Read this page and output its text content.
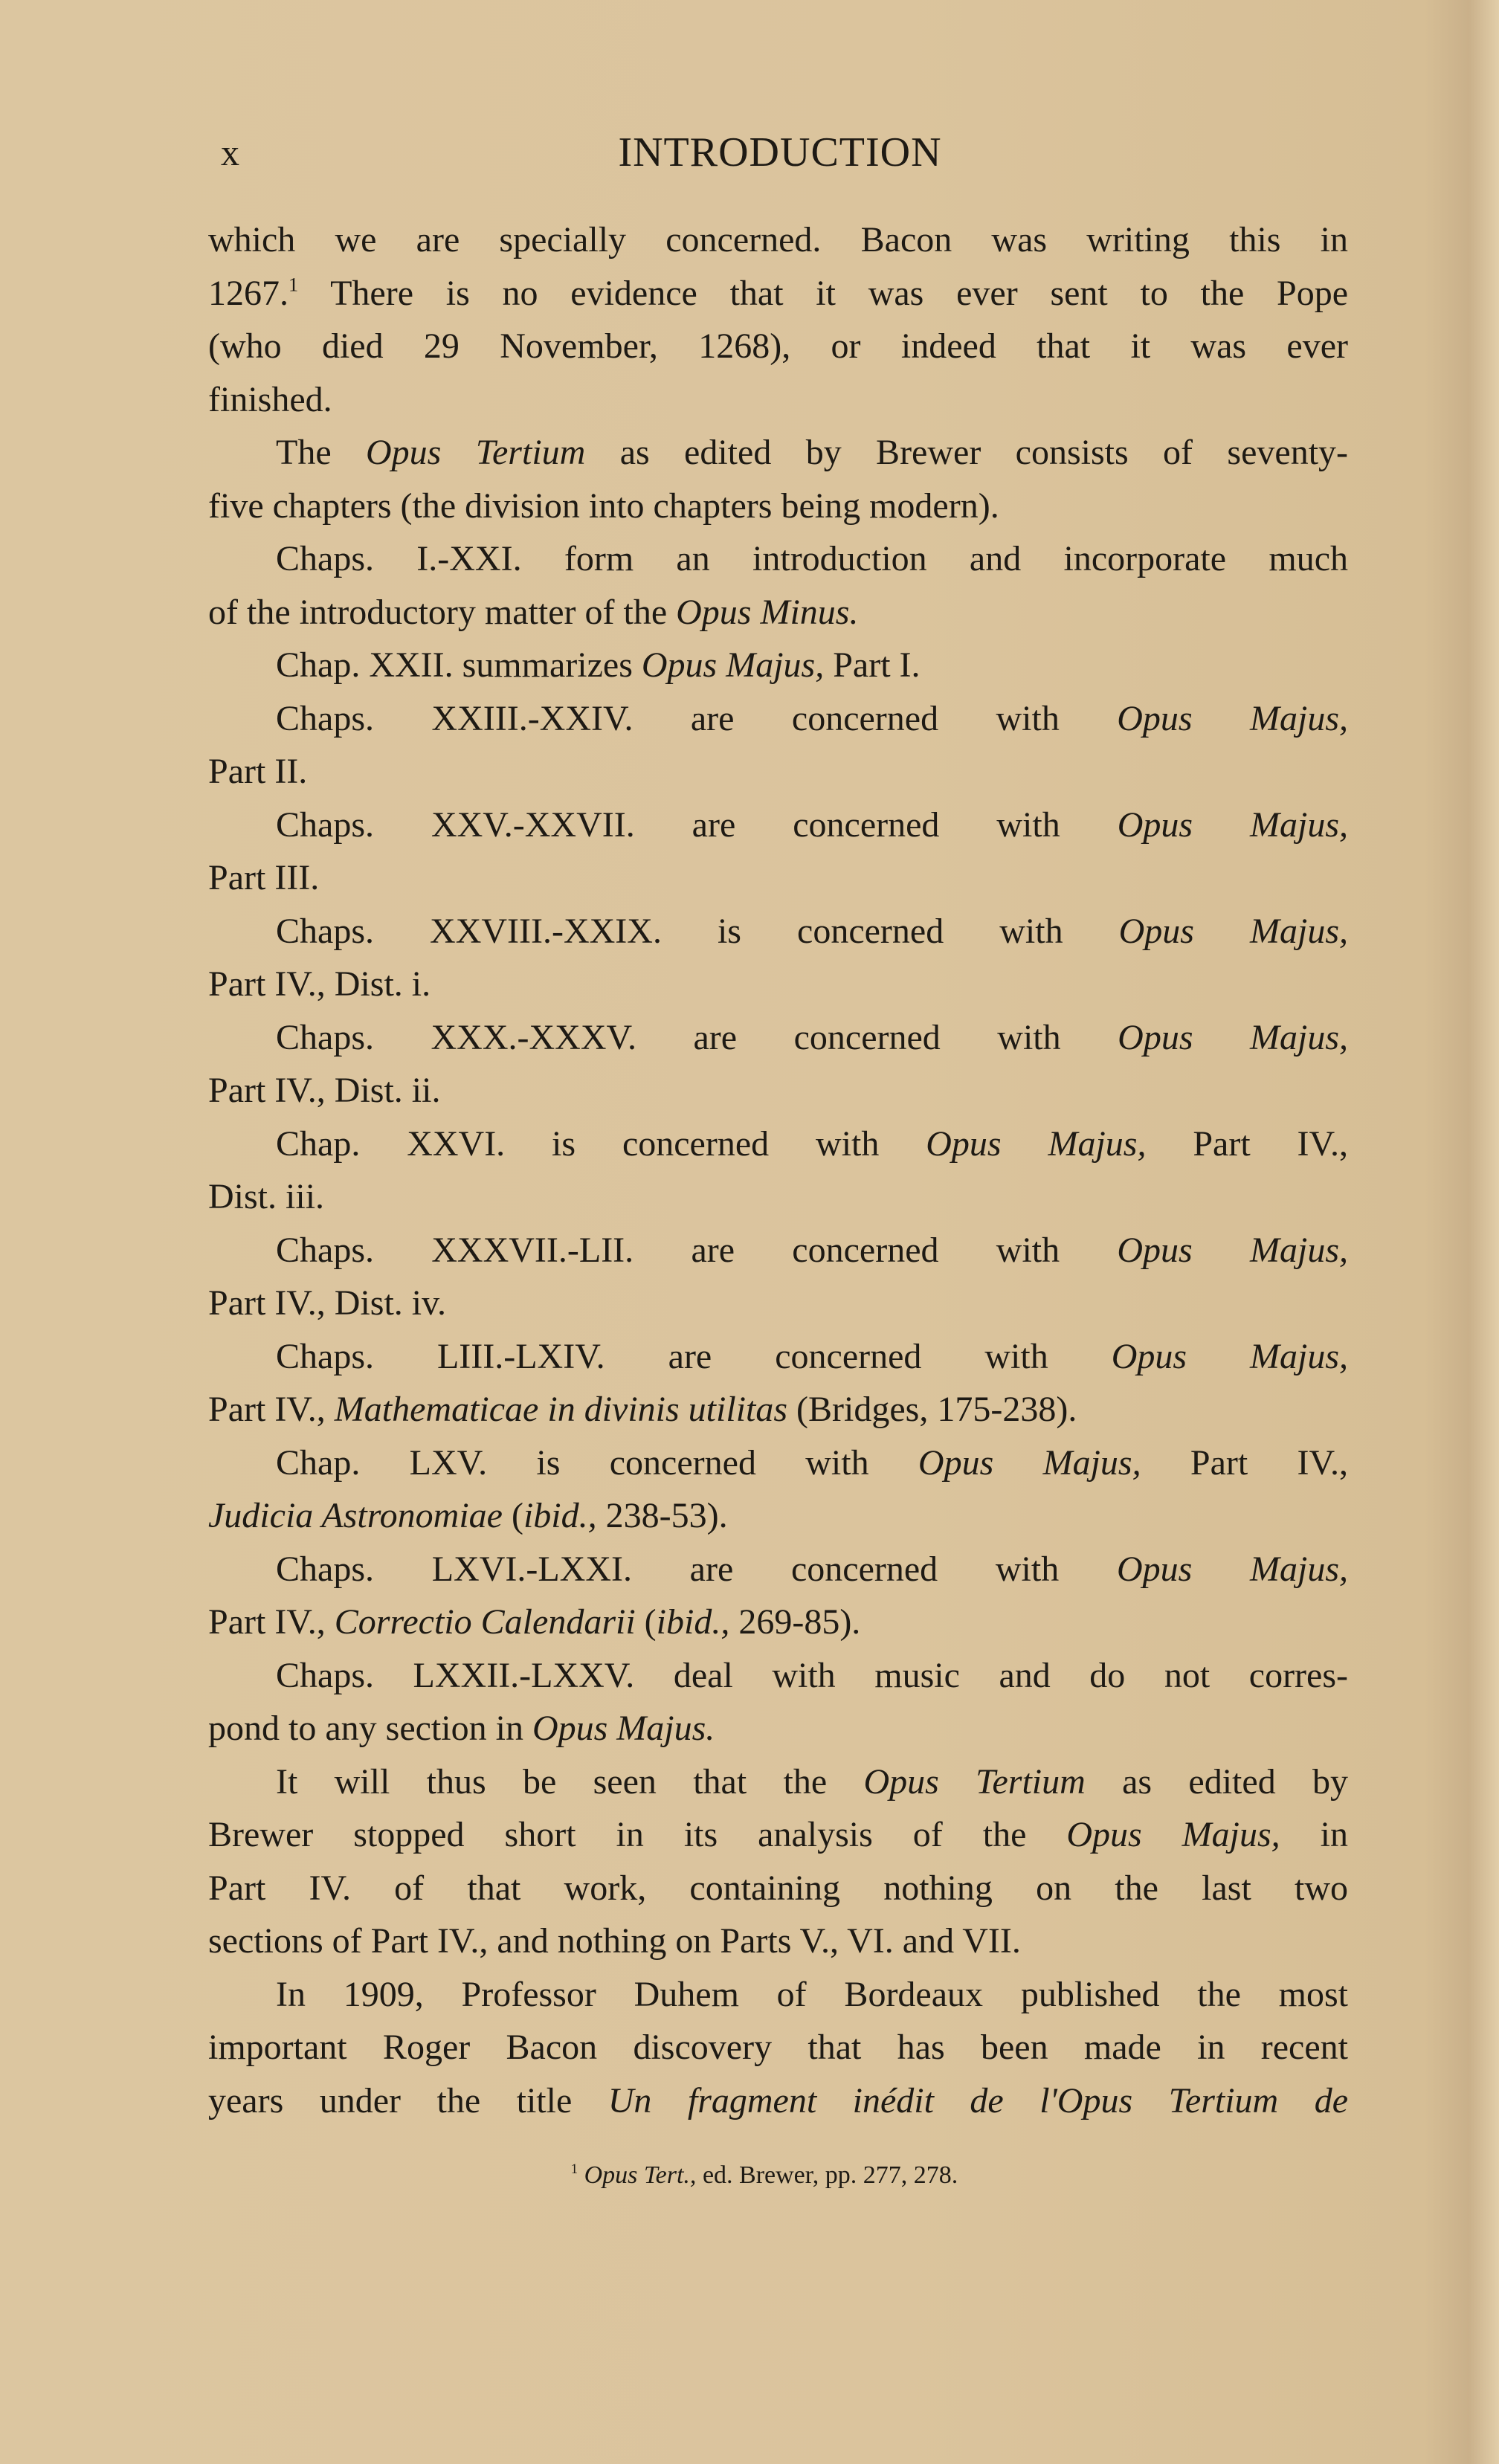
x	INTRODUCTION
which we are specially concerned. Bacon was writing this in
1267.$^1$ There is no evidence that it was ever sent to the Pope
(who died 29 November, 1268), or indeed that it was ever
finished.
The Opus Tertium as edited by Brewer consists of seventy-
five chapters (the division into chapters being modern).
Chaps. I.-XXI. form an introduction and incorporate much
of the introductory matter of the Opus Minus.
Chap. XXII. summarizes Opus Majus, Part I.
Chaps. XXIII.-XXIV. are concerned with Opus Majus,
Part II.
Chaps. XXV.-XXVII. are concerned with Opus Majus,
Part III.
Chaps. XXVIII.-XXIX. is concerned with Opus Majus,
Part IV., Dist. i.
Chaps. XXX.-XXXV. are concerned with Opus Majus,
Part IV., Dist. ii.
Chap. XXVI. is concerned with Opus Majus, Part IV.,
Dist. iii.
Chaps. XXXVII.-LII. are concerned with Opus Majus,
Part IV., Dist. iv.
Chaps. LIII.-LXIV. are concerned with Opus Majus,
Part IV., Mathematicae in divinis utilitas (Bridges, 175-238).
Chap. LXV. is concerned with Opus Majus, Part IV.,
Judicia Astronomiae (ibid., 238-53).
Chaps. LXVI.-LXXI. are concerned with Opus Majus,
Part IV., Correctio Calendarii (ibid., 269-85).
Chaps. LXXII.-LXXV. deal with music and do not corres-
pond to any section in Opus Majus.
It will thus be seen that the Opus Tertium as edited by
Brewer stopped short in its analysis of the Opus Majus, in
Part IV. of that work, containing nothing on the last two
sections of Part IV., and nothing on Parts V., VI. and VII.
In 1909, Professor Duhem of Bordeaux published the most
important Roger Bacon discovery that has been made in recent
years under the title Un fragment inédit de l'Opus Tertium de
$^1$ Opus Tert., ed. Brewer, pp. 277, 278.
